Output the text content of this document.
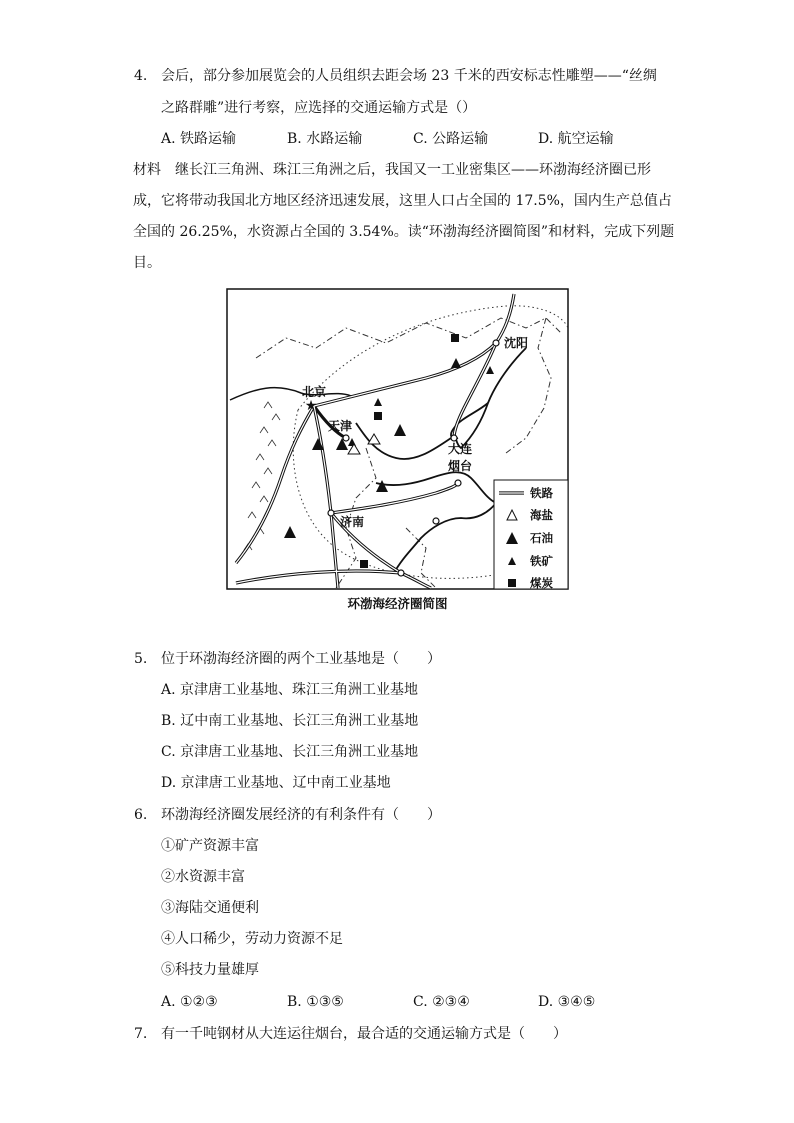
4. 会后，部分参加展览会的人员组织去距会场 23 千米的西安标志性雕塑——“丝绸
之路群雕”进行考察，应选择的交通运输方式是（）
A. 铁路运输	B. 水路运输	C. 公路运输	D. 航空运输
材料　继长江三角洲、珠江三角洲之后，我国又一工业密集区——环渤海经济圈已形
成，它将带动我国北方地区经济迅速发展，这里人口占全国的 17.5%，国内生产总值占
全国的 26.25%，水资源占全国的 3.54%。读“环渤海经济圈简图”和材料，完成下列题
目。
★
北京
天津
沈阳
大连
烟台
济南
铁路
海盐
石油
铁矿
煤炭
环渤海经济圈简图
5. 位于环渤海经济圈的两个工业基地是（　　）
A. 京津唐工业基地、珠江三角洲工业基地
B. 辽中南工业基地、长江三角洲工业基地
C. 京津唐工业基地、长江三角洲工业基地
D. 京津唐工业基地、辽中南工业基地
6. 环渤海经济圈发展经济的有利条件有（　　）
①矿产资源丰富
②水资源丰富
③海陆交通便利
④人口稀少，劳动力资源不足
⑤科技力量雄厚
A. ①②③	B. ①③⑤	C. ②③④	D. ③④⑤
7. 有一千吨钢材从大连运往烟台，最合适的交通运输方式是（　　）
